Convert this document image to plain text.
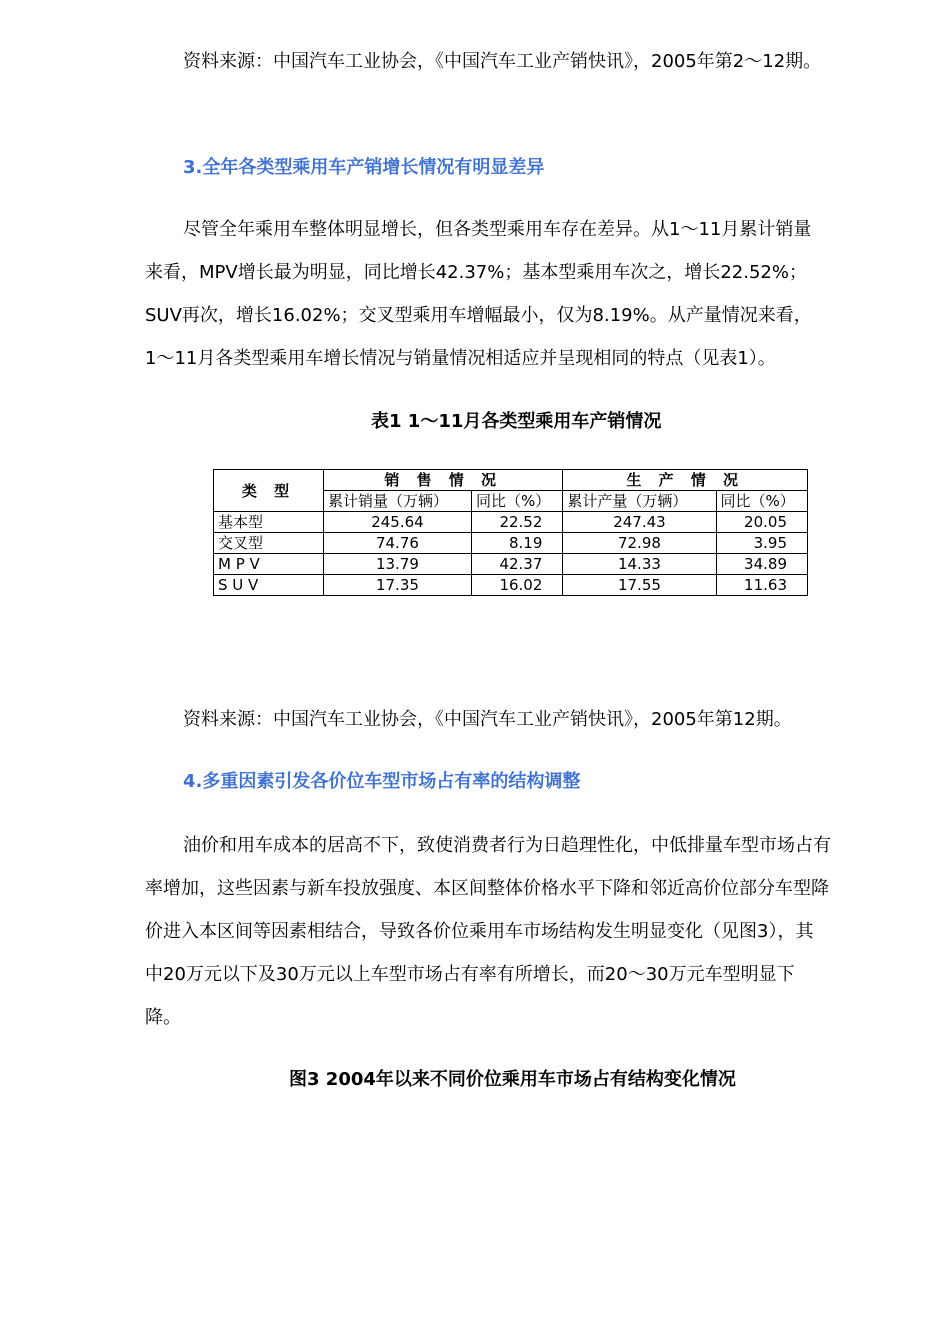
资料来源：中国汽车工业协会，《中国汽车工业产销快讯》，2005年第2～12期。
3.全年各类型乘用车产销增长情况有明显差异
尽管全年乘用车整体明显增长，但各类型乘用车存在差异。从1～11月累计销量
来看，MPV增长最为明显，同比增长42.37%；基本型乘用车次之，增长22.52%；
SUV再次，增长16.02%；交叉型乘用车增幅最小，仅为8.19%。从产量情况来看，
1～11月各类型乘用车增长情况与销量情况相适应并呈现相同的特点（见表1）。
表1 1～11月各类型乘用车产销情况
类 型	销 售 情 况		生 产 情 况	
	累计销量（万辆）	同比（%）	累计产量（万辆）	同比（%）
基本型	245.64	22.52	247.43	20.05
交叉型	74.76	8.19	72.98	3.95
M P V	13.79	42.37	14.33	34.89
S U V	17.35	16.02	17.55	11.63
资料来源：中国汽车工业协会，《中国汽车工业产销快讯》，2005年第12期。
4.多重因素引发各价位车型市场占有率的结构调整
油价和用车成本的居高不下，致使消费者行为日趋理性化，中低排量车型市场占有
率增加，这些因素与新车投放强度、本区间整体价格水平下降和邻近高价位部分车型降
价进入本区间等因素相结合，导致各价位乘用车市场结构发生明显变化（见图3），其
中20万元以下及30万元以上车型市场占有率有所增长，而20～30万元车型明显下
降。
图3 2004年以来不同价位乘用车市场占有结构变化情况
